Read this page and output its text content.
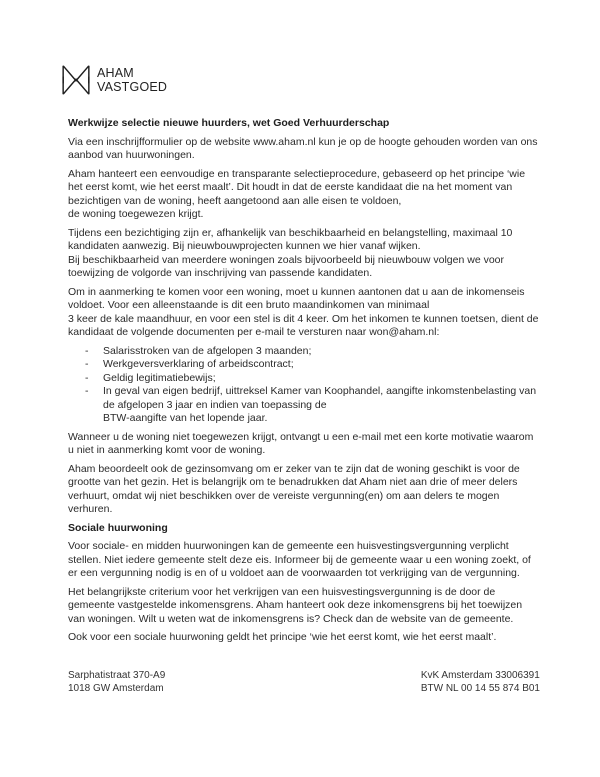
AHAM
VASTGOED
Werkwijze selectie nieuwe huurders, wet Goed Verhuurderschap

Via een inschrijfformulier op de website www.aham.nl kun je op de hoogte gehouden worden van ons
aanbod van huurwoningen.

Aham hanteert een eenvoudige en transparante selectieprocedure, gebaseerd op het principe ‘wie
het eerst komt, wie het eerst maalt’. Dit houdt in dat de eerste kandidaat die na het moment van
bezichtigen van de woning, heeft aangetoond aan alle eisen te voldoen,
de woning toegewezen krijgt.

Tijdens een bezichtiging zijn er, afhankelijk van beschikbaarheid en belangstelling, maximaal 10
kandidaten aanwezig. Bij nieuwbouwprojecten kunnen we hier vanaf wijken.
Bij beschikbaarheid van meerdere woningen zoals bijvoorbeeld bij nieuwbouw volgen we voor
toewijzing de volgorde van inschrijving van passende kandidaten.

Om in aanmerking te komen voor een woning, moet u kunnen aantonen dat u aan de inkomenseis
voldoet. Voor een alleenstaande is dit een bruto maandinkomen van minimaal
3 keer de kale maandhuur, en voor een stel is dit 4 keer. Om het inkomen te kunnen toetsen, dient de
kandidaat de volgende documenten per e-mail te versturen naar won@aham.nl:

-	Salarisstroken van de afgelopen 3 maanden;
-	Werkgeversverklaring of arbeidscontract;
-	Geldig legitimatiebewijs;
-	In geval van eigen bedrijf, uittreksel Kamer van Koophandel, aangifte inkomstenbelasting van
de afgelopen 3 jaar en indien van toepassing de
BTW-aangifte van het lopende jaar.

Wanneer u de woning niet toegewezen krijgt, ontvangt u een e-mail met een korte motivatie waarom
u niet in aanmerking komt voor de woning.

Aham beoordeelt ook de gezinsomvang om er zeker van te zijn dat de woning geschikt is voor de
grootte van het gezin. Het is belangrijk om te benadrukken dat Aham niet aan drie of meer delers
verhuurt, omdat wij niet beschikken over de vereiste vergunning(en) om aan delers te mogen
verhuren.

Sociale huurwoning

Voor sociale- en midden huurwoningen kan de gemeente een huisvestingsvergunning verplicht
stellen. Niet iedere gemeente stelt deze eis. Informeer bij de gemeente waar u een woning zoekt, of
er een vergunning nodig is en of u voldoet aan de voorwaarden tot verkrijging van de vergunning.

Het belangrijkste criterium voor het verkrijgen van een huisvestingsvergunning is de door de
gemeente vastgestelde inkomensgrens. Aham hanteert ook deze inkomensgrens bij het toewijzen
van woningen. Wilt u weten wat de inkomensgrens is? Check dan de website van de gemeente.

Ook voor een sociale huurwoning geldt het principe ‘wie het eerst komt, wie het eerst maalt’.

Sarphatistraat 370-A9
1018 GW Amsterdam
KvK Amsterdam 33006391
BTW NL 00 14 55 874 B01
